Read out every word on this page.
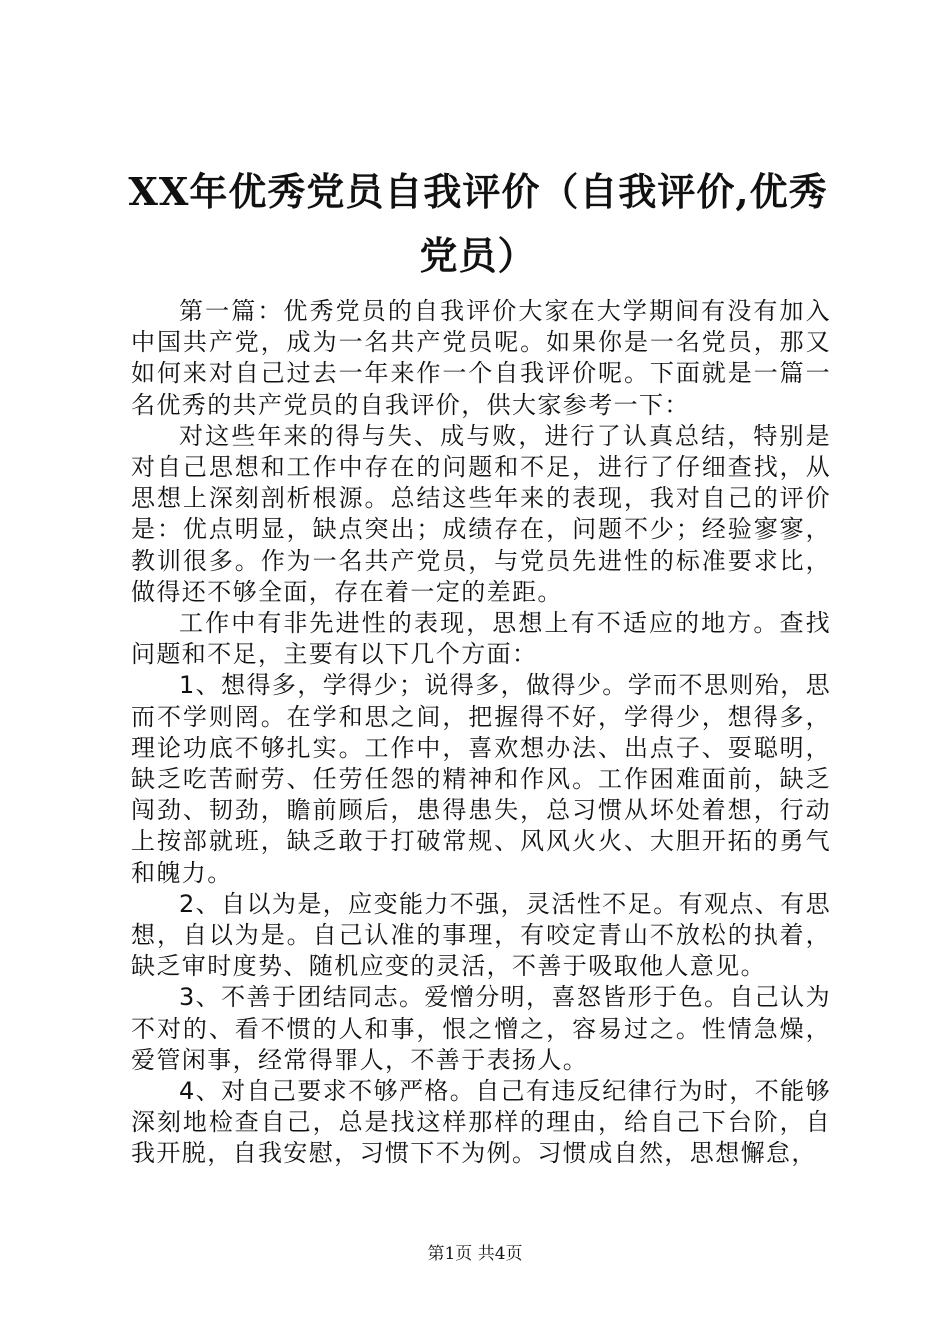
XX年优秀党员自我评价（自我评价,优秀党员）

第一篇：优秀党员的自我评价大家在大学期间有没有加入中国共产党，成为一名共产党员呢。如果你是一名党员，那又如何来对自己过去一年来作一个自我评价呢。下面就是一篇一名优秀的共产党员的自我评价，供大家参考一下：

对这些年来的得与失、成与败，进行了认真总结，特别是对自己思想和工作中存在的问题和不足，进行了仔细查找，从思想上深刻剖析根源。总结这些年来的表现，我对自己的评价是：优点明显，缺点突出；成绩存在，问题不少；经验寥寥，教训很多。作为一名共产党员，与党员先进性的标准要求比，做得还不够全面，存在着一定的差距。

工作中有非先进性的表现，思想上有不适应的地方。查找问题和不足，主要有以下几个方面：

1、想得多，学得少；说得多，做得少。学而不思则殆，思而不学则罔。在学和思之间，把握得不好，学得少，想得多，理论功底不够扎实。工作中，喜欢想办法、出点子、耍聪明，缺乏吃苦耐劳、任劳任怨的精神和作风。工作困难面前，缺乏闯劲、韧劲，瞻前顾后，患得患失，总习惯从坏处着想，行动上按部就班，缺乏敢于打破常规、风风火火、大胆开拓的勇气和魄力。

2、自以为是，应变能力不强，灵活性不足。有观点、有思想，自以为是。自己认准的事理，有咬定青山不放松的执着，缺乏审时度势、随机应变的灵活，不善于吸取他人意见。

3、不善于团结同志。爱憎分明，喜怒皆形于色。自己认为不对的、看不惯的人和事，恨之憎之，容易过之。性情急燥，爱管闲事，经常得罪人，不善于表扬人。

4、对自己要求不够严格。自己有违反纪律行为时，不能够深刻地检查自己，总是找这样那样的理由，给自己下台阶，自我开脱，自我安慰，习惯下不为例。习惯成自然，思想懈怠，

第1页 共4页
